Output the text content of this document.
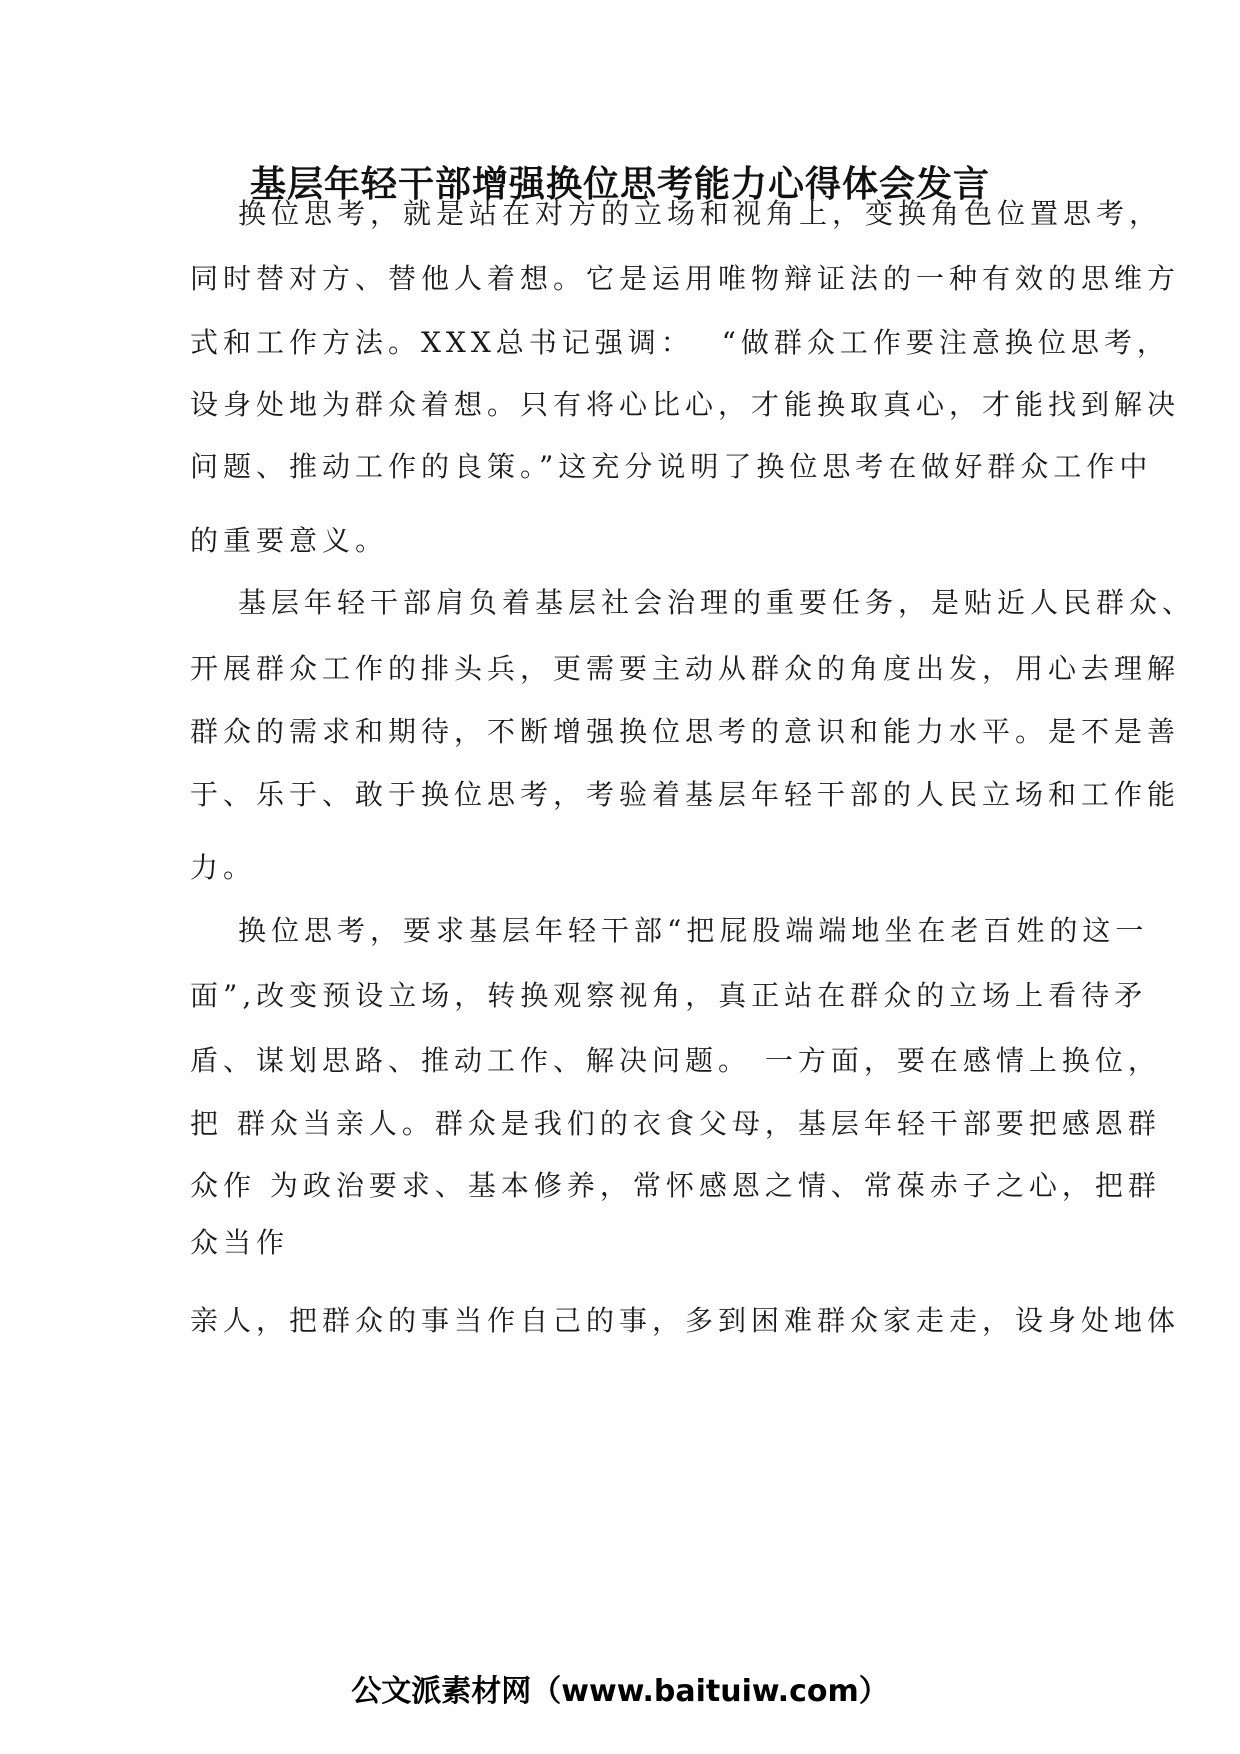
基层年轻干部增强换位思考能力心得体会发言
换位思考，就是站在对方的立场和视角上，变换角色位置思考，
同时替对方、替他人着想。它是运用唯物辩证法的一种有效的思维方
式和工作方法。XXX总书记强调：  “做群众工作要注意换位思考，
设身处地为群众着想。只有将心比心，才能换取真心，才能找到解决
问题、推动工作的良策。”这充分说明了换位思考在做好群众工作中
的重要意义。
基层年轻干部肩负着基层社会治理的重要任务，是贴近人民群众、
开展群众工作的排头兵，更需要主动从群众的角度出发，用心去理解
群众的需求和期待，不断增强换位思考的意识和能力水平。是不是善
于、乐于、敢于换位思考，考验着基层年轻干部的人民立场和工作能
力。
换位思考，要求基层年轻干部“把屁股端端地坐在老百姓的这一
面”,改变预设立场，转换观察视角，真正站在群众的立场上看待矛
盾、谋划思路、推动工作、解决问题。 一方面，要在感情上换位，
把 群众当亲人。群众是我们的衣食父母，基层年轻干部要把感恩群
众作 为政治要求、基本修养，常怀感恩之情、常葆赤子之心，把群
众当作
亲人，把群众的事当作自己的事，多到困难群众家走走，设身处地体
公文派素材网（www.baituiw.com）
